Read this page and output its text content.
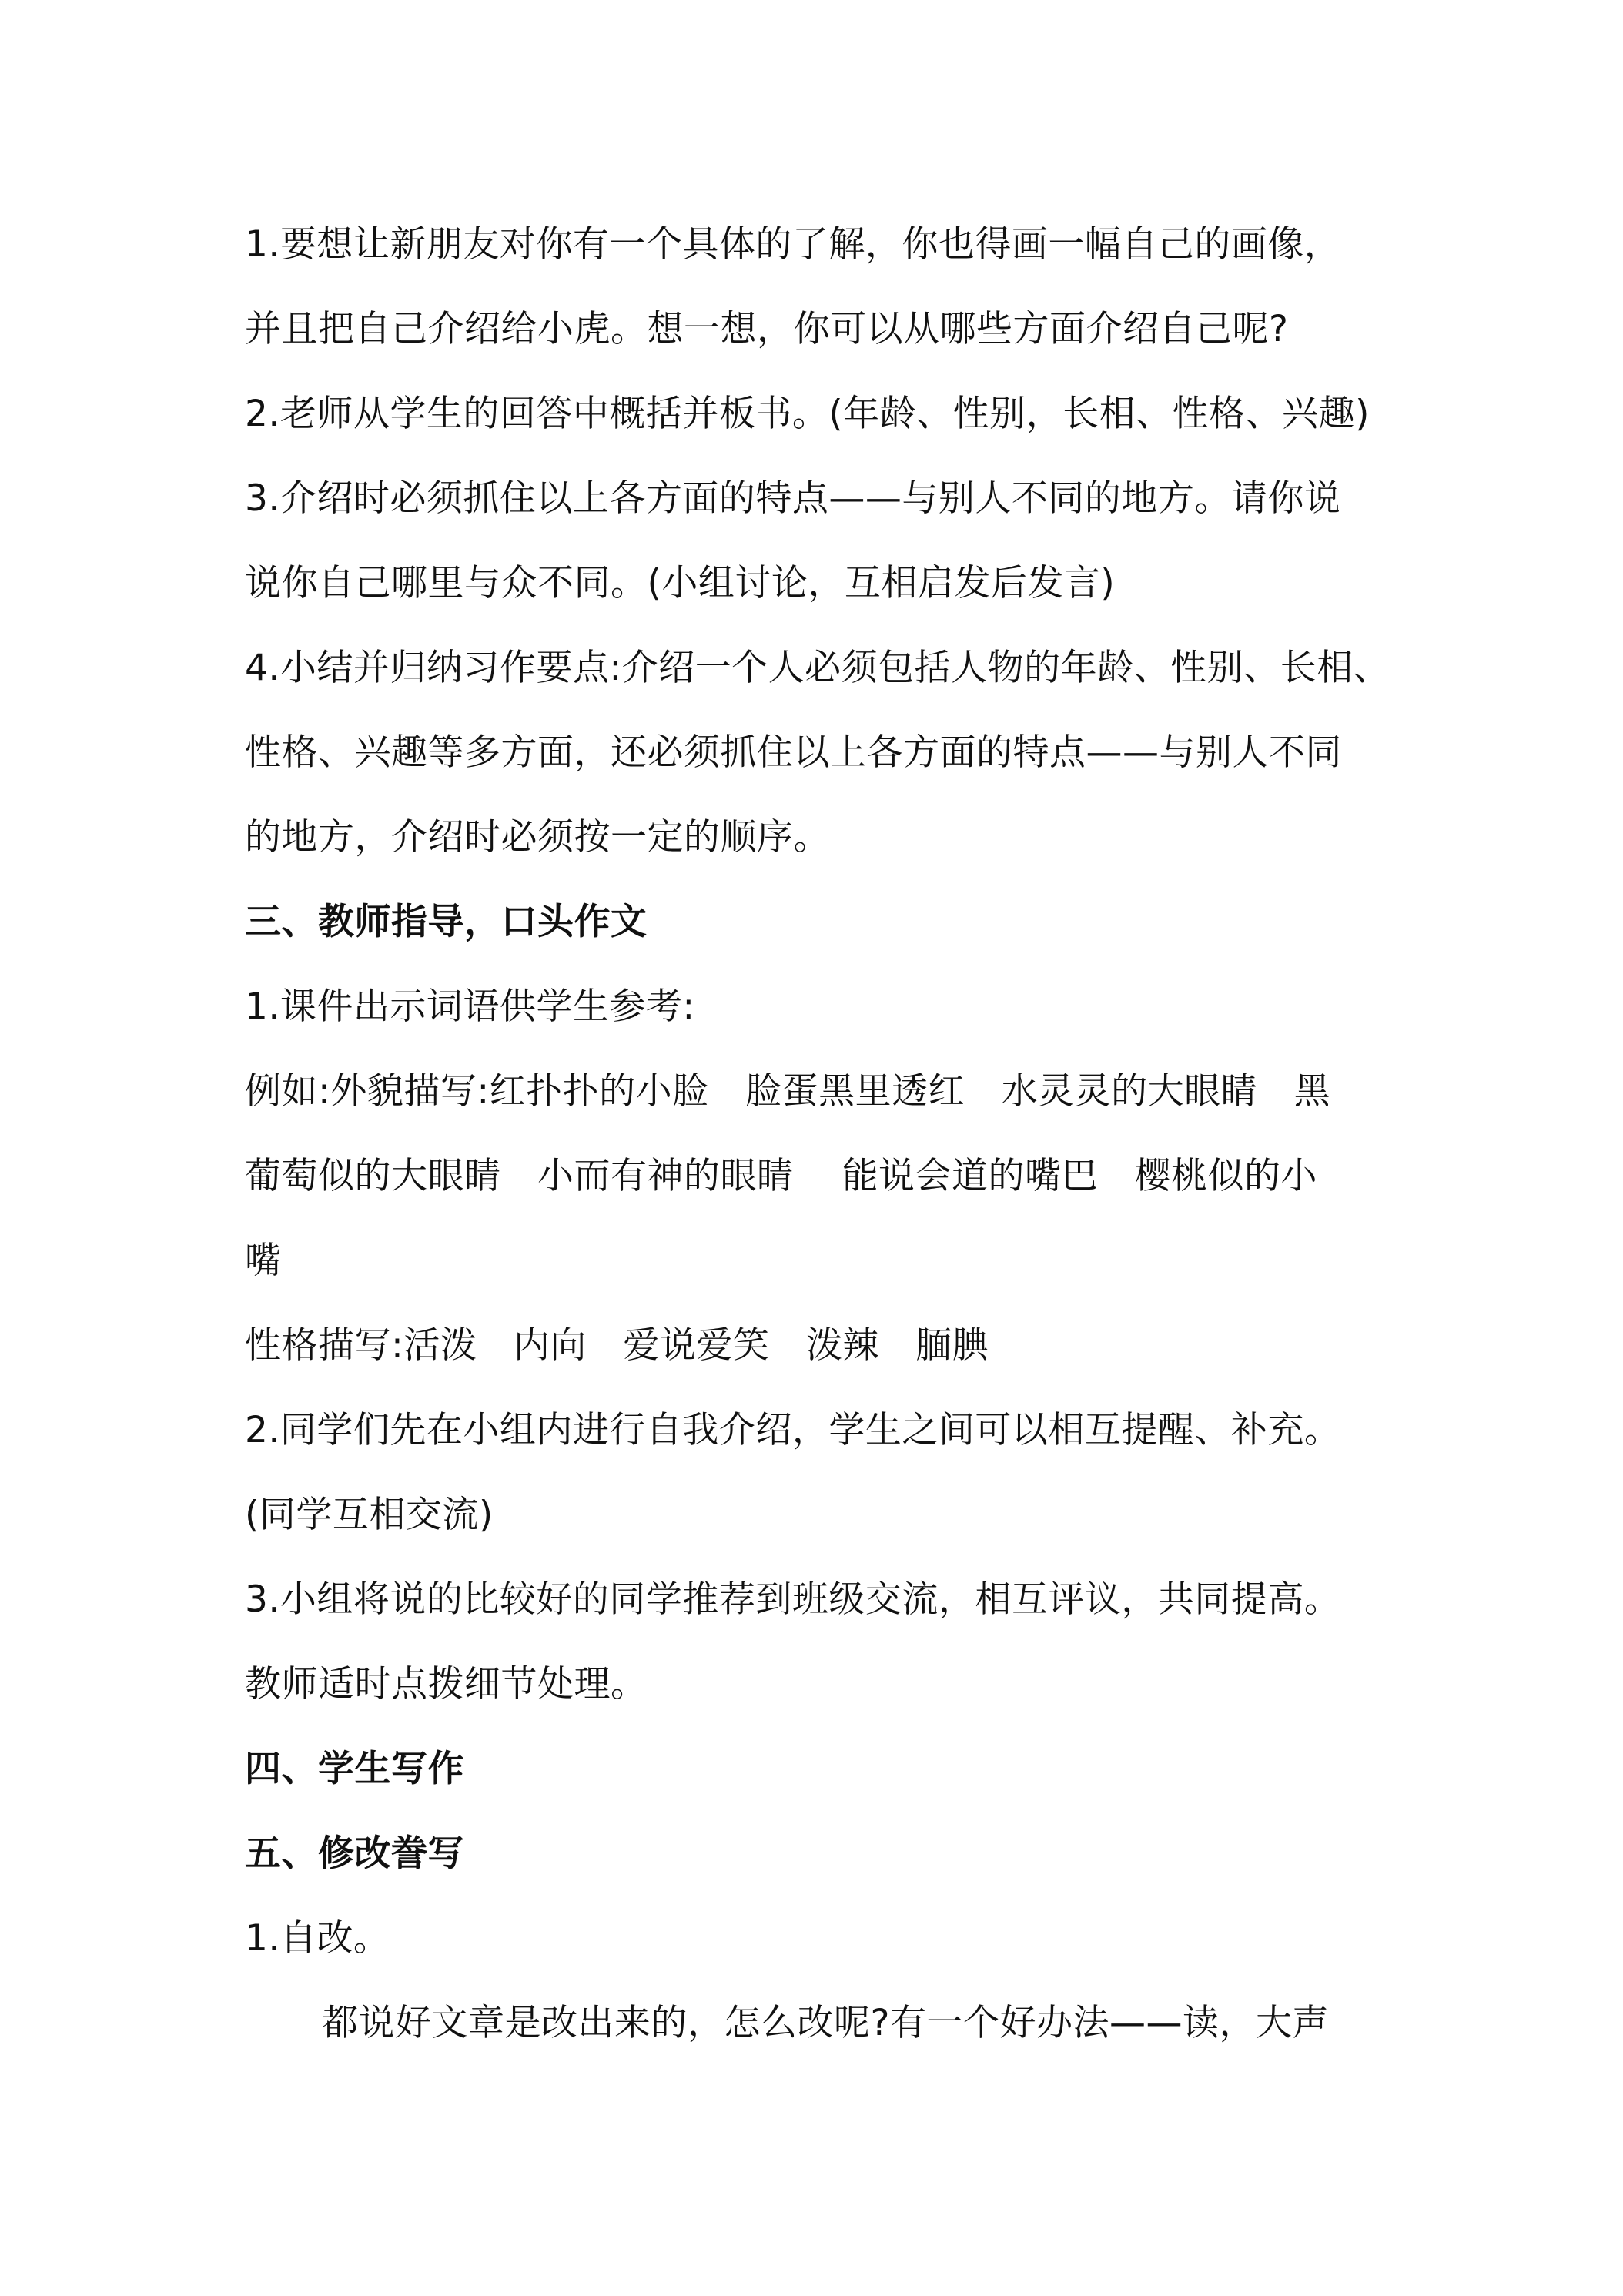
1.要想让新朋友对你有一个具体的了解，你也得画一幅自己的画像，
并且把自己介绍给小虎。想一想，你可以从哪些方面介绍自己呢?
2.老师从学生的回答中概括并板书。(年龄、性别，长相、性格、兴趣)
3.介绍时必须抓住以上各方面的特点——与别人不同的地方。请你说
说你自己哪里与众不同。(小组讨论，互相启发后发言)
4.小结并归纳习作要点:介绍一个人必须包括人物的年龄、性别、长相、
性格、兴趣等多方面，还必须抓住以上各方面的特点——与别人不同
的地方，介绍时必须按一定的顺序。
三、教师指导，口头作文
1.课件出示词语供学生参考:
例如:外貌描写:红扑扑的小脸　脸蛋黑里透红　水灵灵的大眼睛　黑
葡萄似的大眼睛　小而有神的眼睛　 能说会道的嘴巴　樱桃似的小
嘴
性格描写:活泼　内向　爱说爱笑　泼辣　腼腆
2.同学们先在小组内进行自我介绍，学生之间可以相互提醒、补充。
(同学互相交流)
3.小组将说的比较好的同学推荐到班级交流，相互评议，共同提高。
教师适时点拨细节处理。
四、学生写作
五、修改誊写
1.自改。
都说好文章是改出来的，怎么改呢?有一个好办法——读，大声
